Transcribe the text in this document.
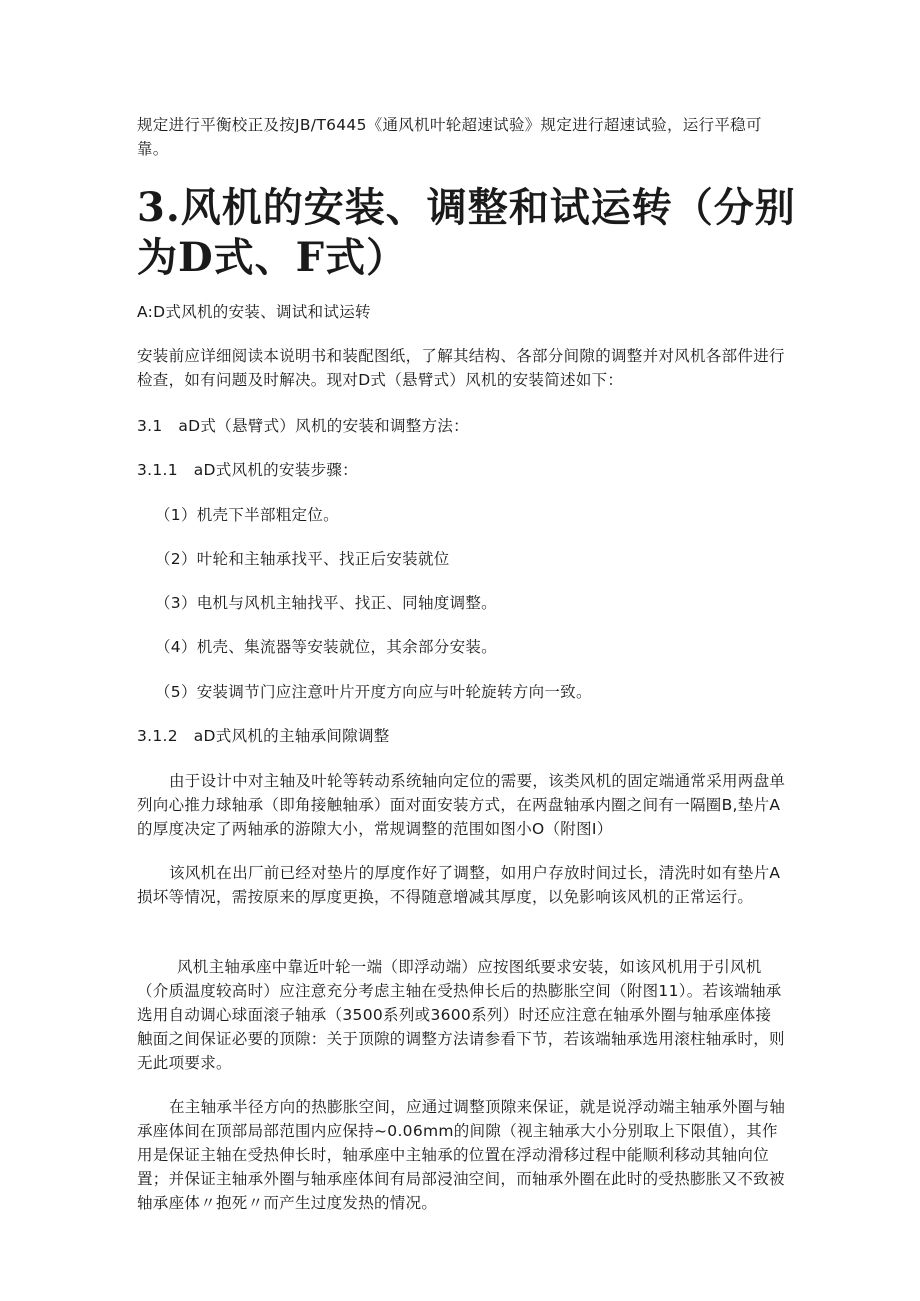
规定进行平衡校正及按JB/T6445《通风机叶轮超速试验》规定进行超速试验，运行平稳可靠。

3.风机的安装、调整和试运转（分别为D式、F式）

A:D式风机的安装、调试和试运转

安装前应详细阅读本说明书和装配图纸，了解其结构、各部分间隙的调整并对风机各部件进行检查，如有问题及时解决。现对D式（悬臂式）风机的安装简述如下：

3.1　aD式（悬臂式）风机的安装和调整方法：

3.1.1　aD式风机的安装步骤：

（1）机壳下半部粗定位。

（2）叶轮和主轴承找平、找正后安装就位

（3）电机与风机主轴找平、找正、同轴度调整。

（4）机壳、集流器等安装就位，其余部分安装。

（5）安装调节门应注意叶片开度方向应与叶轮旋转方向一致。

3.1.2　aD式风机的主轴承间隙调整

由于设计中对主轴及叶轮等转动系统轴向定位的需要，该类风机的固定端通常采用两盘单列向心推力球轴承（即角接触轴承）面对面安装方式，在两盘轴承内圈之间有一隔圈B,垫片A的厚度决定了两轴承的游隙大小，常规调整的范围如图小O（附图I）

该风机在出厂前已经对垫片的厚度作好了调整，如用户存放时间过长，清洗时如有垫片A损坏等情况，需按原来的厚度更换，不得随意增减其厚度，以免影响该风机的正常运行。

风机主轴承座中靠近叶轮一端（即浮动端）应按图纸要求安装，如该风机用于引风机（介质温度较高时）应注意充分考虑主轴在受热伸长后的热膨胀空间（附图11）。若该端轴承选用自动调心球面滚子轴承（3500系列或3600系列）时还应注意在轴承外圈与轴承座体接触面之间保证必要的顶隙：关于顶隙的调整方法请参看下节，若该端轴承选用滚柱轴承时，则无此项要求。

在主轴承半径方向的热膨胀空间，应通过调整顶隙来保证，就是说浮动端主轴承外圈与轴承座体间在顶部局部范围内应保持~0.06mm的间隙（视主轴承大小分别取上下限值），其作用是保证主轴在受热伸长时，轴承座中主轴承的位置在浮动滑移过程中能顺利移动其轴向位置；并保证主轴承外圈与轴承座体间有局部浸油空间，而轴承外圈在此时的受热膨胀又不致被轴承座体〃抱死〃而产生过度发热的情况。
